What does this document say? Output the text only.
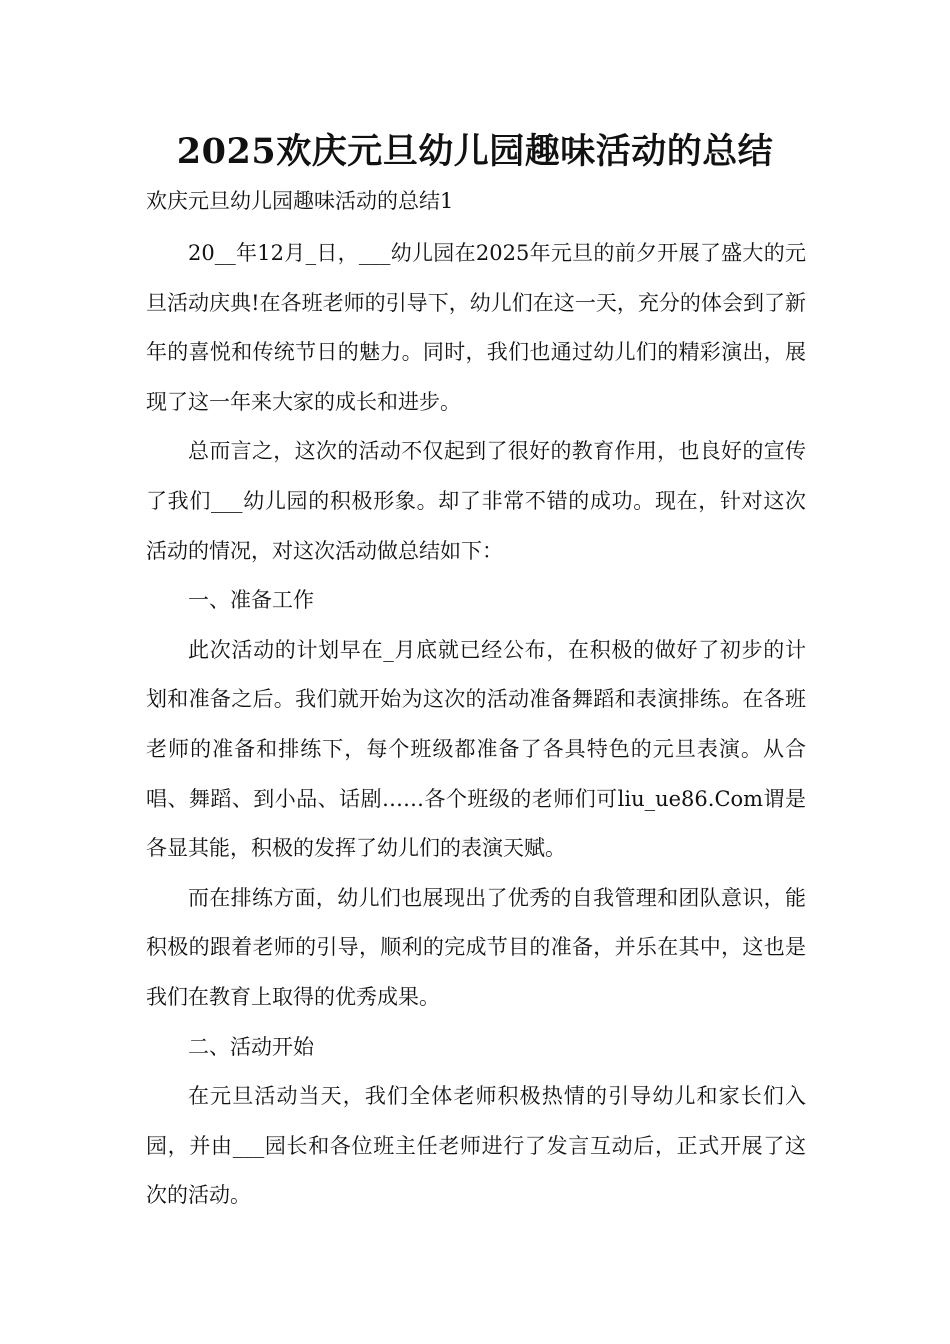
2025欢庆元旦幼儿园趣味活动的总结
欢庆元旦幼儿园趣味活动的总结1

20__年12月_日，___幼儿园在2025年元旦的前夕开展了盛大的元旦活动庆典!在各班老师的引导下，幼儿们在这一天，充分的体会到了新年的喜悦和传统节日的魅力。同时，我们也通过幼儿们的精彩演出，展现了这一年来大家的成长和进步。

总而言之，这次的活动不仅起到了很好的教育作用，也良好的宣传了我们___幼儿园的积极形象。却了非常不错的成功。现在，针对这次活动的情况，对这次活动做总结如下：

一、准备工作

此次活动的计划早在_月底就已经公布，在积极的做好了初步的计划和准备之后。我们就开始为这次的活动准备舞蹈和表演排练。在各班老师的准备和排练下，每个班级都准备了各具特色的元旦表演。从合唱、舞蹈、到小品、话剧……各个班级的老师们可liu_ue86.Com谓是各显其能，积极的发挥了幼儿们的表演天赋。

而在排练方面，幼儿们也展现出了优秀的自我管理和团队意识，能积极的跟着老师的引导，顺利的完成节目的准备，并乐在其中，这也是我们在教育上取得的优秀成果。

二、活动开始

在元旦活动当天，我们全体老师积极热情的引导幼儿和家长们入园，并由___园长和各位班主任老师进行了发言互动后，正式开展了这次的活动。
